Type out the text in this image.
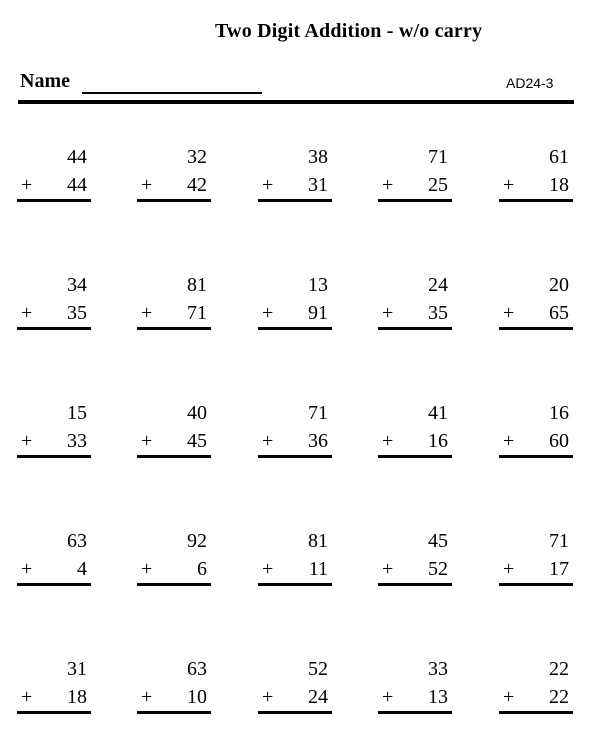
Two Digit Addition - w/o carry
Name	AD24-3
44
+ 44
32
+ 42
38
+ 31
71
+ 25
61
+ 18
34
+ 35
81
+ 71
13
+ 91
24
+ 35
20
+ 65
15
+ 33
40
+ 45
71
+ 36
41
+ 16
16
+ 60
63
+ 4
92
+ 6
81
+ 11
45
+ 52
71
+ 17
31
+ 18
63
+ 10
52
+ 24
33
+ 13
22
+ 22
